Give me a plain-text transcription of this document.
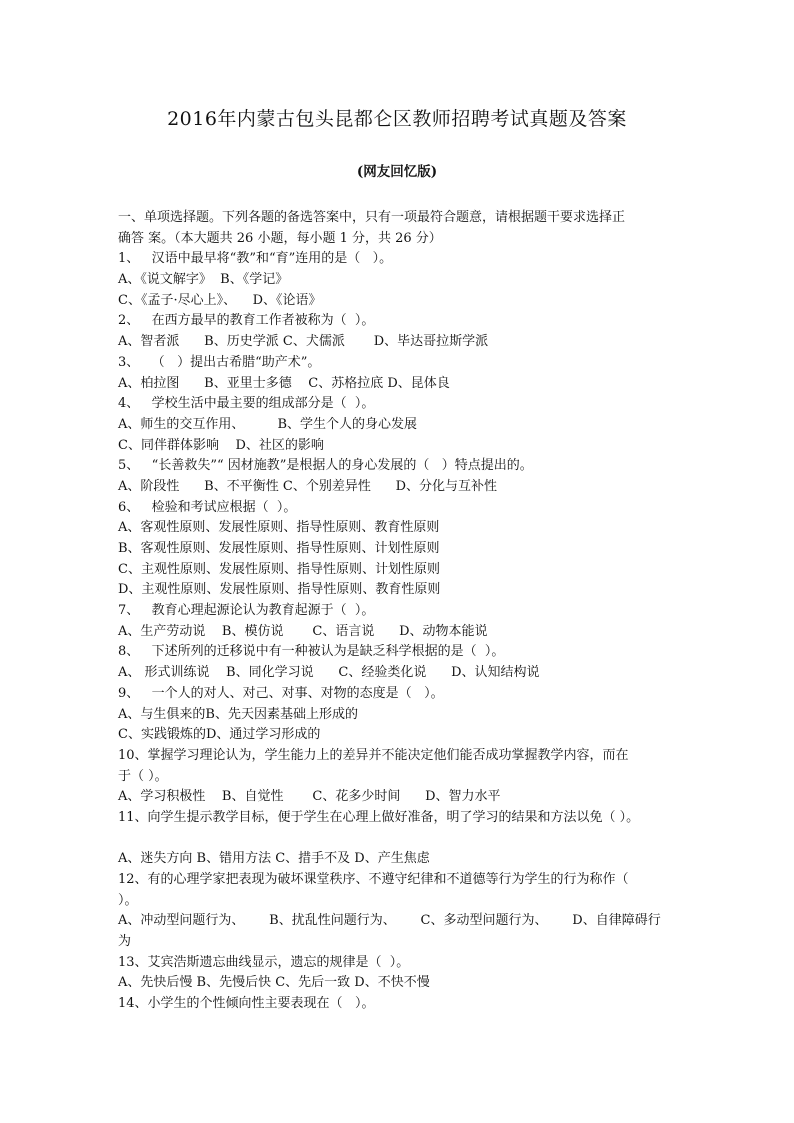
2016年内蒙古包头昆都仑区教师招聘考试真题及答案
(网友回忆版)
一、单项选择题。下列各题的备选答案中，只有一项最符合题意，请根据题干要求选择正
确答 案。（本大题共 26 小题，每小题 1 分，共 26 分）
1、   汉语中最早将“教”和“育”连用的是（   ）。
A、《说文解字》  B、《学记》
C、《孟子·尽心上》、    D、《论语》
2、   在西方最早的教育工作者被称为（  ）。
A、智者派      B、历史学派 C、犬儒派       D、毕达哥拉斯学派
3、   （   ）提出古希腊“助产术”。
A、柏拉图      B、亚里士多德    C、苏格拉底 D、昆体良
4、   学校生活中最主要的组成部分是（  ）。
A、师生的交互作用、        B、学生个人的身心发展
C、同伴群体影响    D、社区的影响
5、   “长善救失”“ 因材施教”是根据人的身心发展的（   ）特点提出的。
A、阶段性      B、不平衡性 C、个别差异性      D、分化与互补性
6、   检验和考试应根据（  ）。
A、客观性原则、发展性原则、指导性原则、教育性原则
B、客观性原则、发展性原则、指导性原则、计划性原则
C、主观性原则、发展性原则、指导性原则、计划性原则
D、主观性原则、发展性原则、指导性原则、教育性原则
7、   教育心理起源论认为教育起源于（  ）。
A、生产劳动说    B、模仿说       C、语言说      D、动物本能说
8、   下述所列的迁移说中有一种被认为是缺乏科学根据的是（  ）。
A、 形式训练说    B、同化学习说      C、经验类化说      D、认知结构说
9、   一个人的对人、对己、对事、对物的态度是（   ）。
A、与生俱来的B、先天因素基础上形成的
C、实践锻炼的D、通过学习形成的
10、掌握学习理论认为，学生能力上的差异并不能决定他们能否成功掌握教学内容，而在
于（ ）。
A、学习积极性    B、自觉性       C、花多少时间      D、智力水平
11、向学生提示教学目标，便于学生在心理上做好准备，明了学习的结果和方法以免（ ）。
A、迷失方向 B、错用方法 C、措手不及 D、产生焦虑
12、有的心理学家把表现为破坏课堂秩序、不遵守纪律和不道德等行为学生的行为称作（
）。
A、冲动型问题行为、      B、扰乱性问题行为、      C、多动型问题行为、      D、自律障碍行
为
13、艾宾浩斯遗忘曲线显示，遗忘的规律是（  ）。
A、先快后慢 B、先慢后快 C、先后一致 D、不快不慢
14、小学生的个性倾向性主要表现在（   ）。
